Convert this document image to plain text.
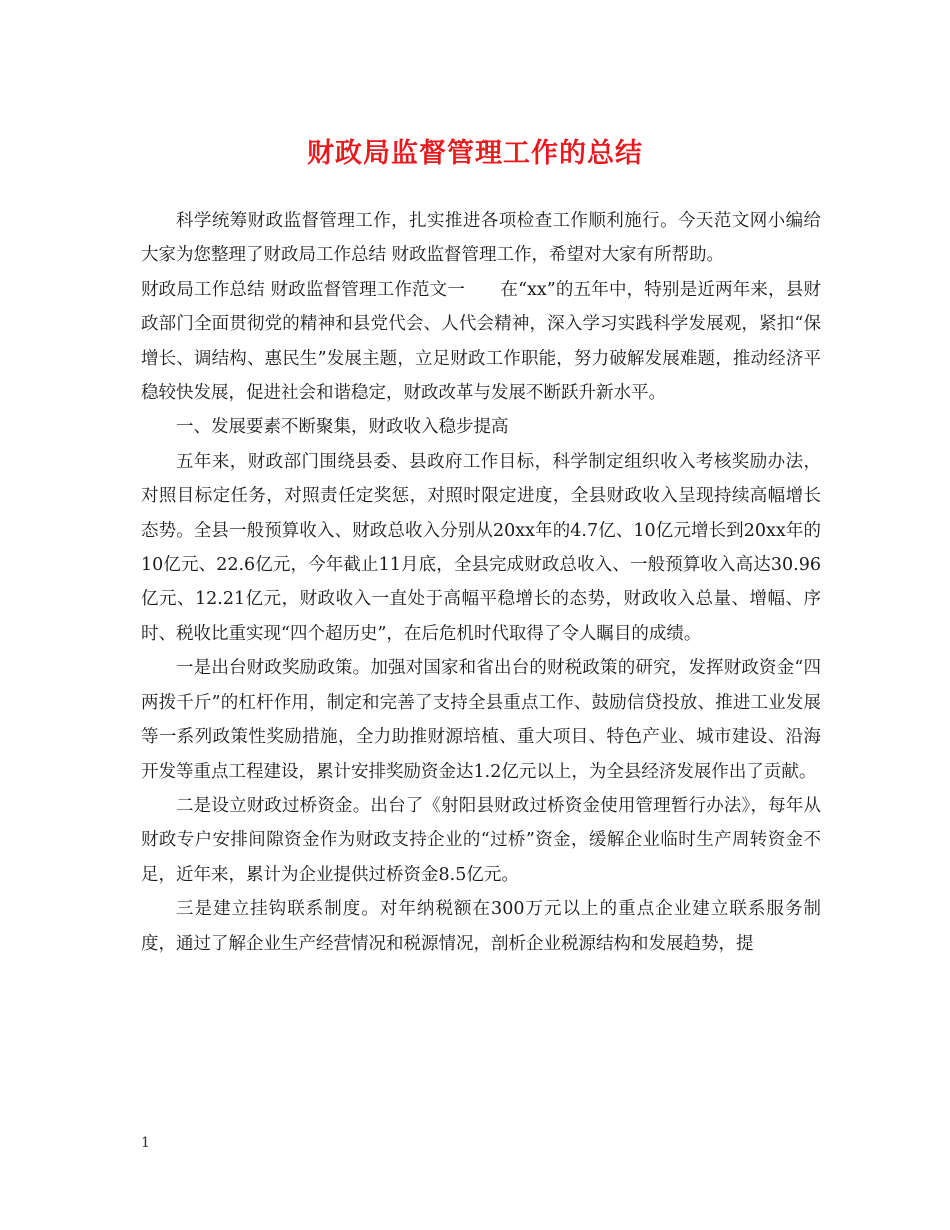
财政局监督管理工作的总结

科学统筹财政监督管理工作，扎实推进各项检查工作顺利施行。今天范文网小编给大家为您整理了财政局工作总结 财政监督管理工作，希望对大家有所帮助。

财政局工作总结 财政监督管理工作范文一　　在“xx”的五年中，特别是近两年来，县财政部门全面贯彻党的精神和县党代会、人代会精神，深入学习实践科学发展观，紧扣“保增长、调结构、惠民生”发展主题，立足财政工作职能，努力破解发展难题，推动经济平稳较快发展，促进社会和谐稳定，财政改革与发展不断跃升新水平。

一、发展要素不断聚集，财政收入稳步提高

五年来，财政部门围绕县委、县政府工作目标，科学制定组织收入考核奖励办法，对照目标定任务，对照责任定奖惩，对照时限定进度，全县财政收入呈现持续高幅增长态势。全县一般预算收入、财政总收入分别从20xx年的4.7亿、10亿元增长到20xx年的10亿元、22.6亿元，今年截止11月底，全县完成财政总收入、一般预算收入高达30.96亿元、12.21亿元，财政收入一直处于高幅平稳增长的态势，财政收入总量、增幅、序时、税收比重实现“四个超历史”，在后危机时代取得了令人瞩目的成绩。

一是出台财政奖励政策。加强对国家和省出台的财税政策的研究，发挥财政资金“四两拨千斤”的杠杆作用，制定和完善了支持全县重点工作、鼓励信贷投放、推进工业发展等一系列政策性奖励措施，全力助推财源培植、重大项目、特色产业、城市建设、沿海开发等重点工程建设，累计安排奖励资金达1.2亿元以上，为全县经济发展作出了贡献。

二是设立财政过桥资金。出台了《射阳县财政过桥资金使用管理暂行办法》，每年从财政专户安排间隙资金作为财政支持企业的“过桥”资金，缓解企业临时生产周转资金不足，近年来，累计为企业提供过桥资金8.5亿元。

三是建立挂钩联系制度。对年纳税额在300万元以上的重点企业建立联系服务制度，通过了解企业生产经营情况和税源情况，剖析企业税源结构和发展趋势，提

1
